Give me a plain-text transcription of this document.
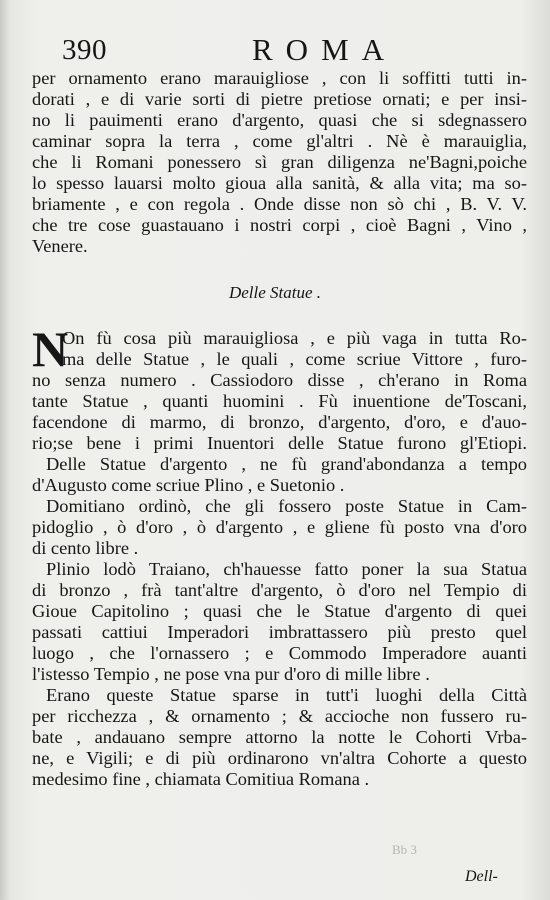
390	ROMA
per ornamento erano marauigliose , con li soffitti tutti in-
dorati , e di varie sorti di pietre pretiose ornati; e per insi-
no li pauimenti erano d'argento, quasi che si sdegnassero
caminar sopra la terra , come gl'altri . Nè è marauiglia,
che li Romani ponessero sì gran diligenza ne'Bagni,poiche
lo spesso lauarsi molto gioua alla sanità, & alla vita; ma so-
briamente , e con regola . Onde disse non sò chi , B. V. V.
che tre cose guastauano i nostri corpi , cioè Bagni , Vino ,
Venere.
Delle Statue .
N
On fù cosa più marauigliosa , e più vaga in tutta Ro-
ma delle Statue , le quali , come scriue Vittore , furo-
no senza numero . Cassiodoro disse , ch'erano in Roma
tante Statue , quanti huomini . Fù inuentione de'Toscani,
facendone di marmo, di bronzo, d'argento, d'oro, e d'auo-
rio;se bene i primi Inuentori delle Statue furono gl'Etiopi.
Delle Statue d'argento , ne fù grand'abondanza a tempo
d'Augusto come scriue Plino , e Suetonio .
Domitiano ordinò, che gli fossero poste Statue in Cam-
pidoglio , ò d'oro , ò d'argento , e gliene fù posto vna d'oro
di cento libre .
Plinio lodò Traiano, ch'hauesse fatto poner la sua Statua
di bronzo , frà tant'altre d'argento, ò d'oro nel Tempio di
Gioue Capitolino ; quasi che le Statue d'argento di quei
passati cattiui Imperadori imbrattassero più presto quel
luogo , che l'ornassero ; e Commodo Imperadore auanti
l'istesso Tempio , ne pose vna pur d'oro di mille libre .
Erano queste Statue sparse in tutt'i luoghi della Città
per ricchezza , & ornamento ; & accioche non fussero ru-
bate , andauano sempre attorno la notte le Cohorti Vrba-
ne, e Vigili; e di più ordinarono vn'altra Cohorte a questo
medesimo fine , chiamata Comitiua Romana .
Bb 3
Dell-
